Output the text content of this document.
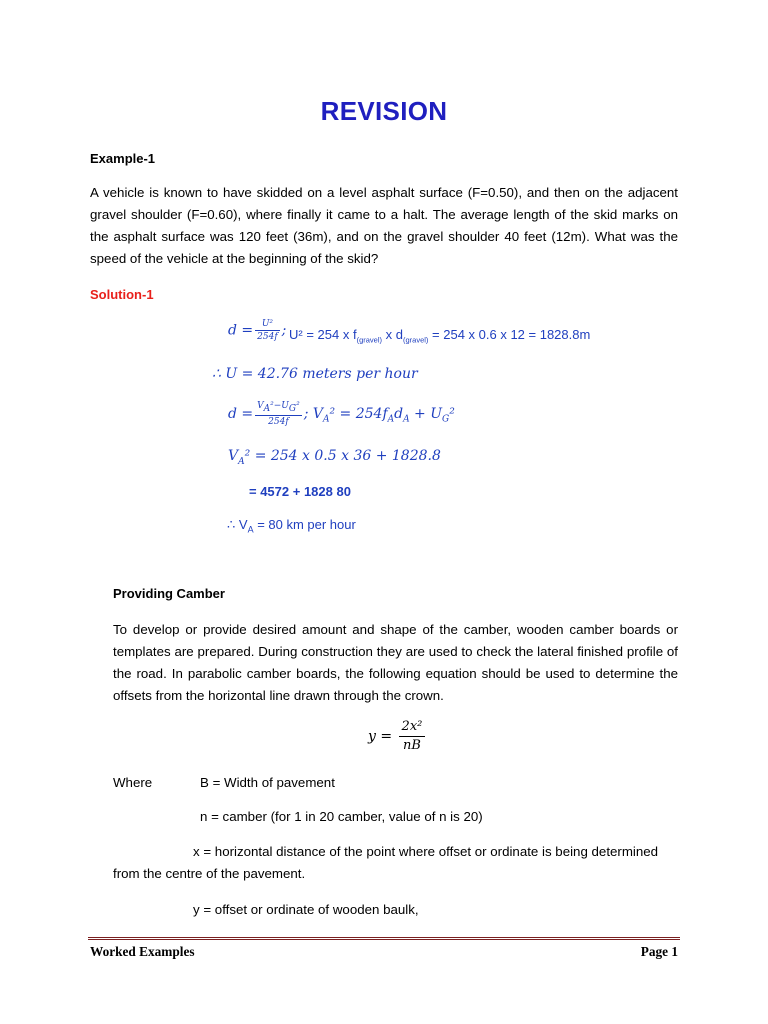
REVISION
Example-1
A vehicle is known to have skidded on a level asphalt surface (F=0.50), and then on the adjacent gravel shoulder (F=0.60), where finally it came to a halt. The average length of the skid marks on the asphalt surface was 120 feet (36m), and on the gravel shoulder 40 feet (12m). What was the speed of the vehicle at the beginning of the skid?
Solution-1
$d = \frac{\text{U²}}{254f}$ ; U² = 254 x $f_{(gravel)}$ x $d_{(gravel)} = 254$ x 0.6 x 12 = 1828.8m
∴ U = 42.76 meters per hour
$d = \frac{V_A^2-U_G^2}{254f}$ ; $V_A^2 = 254f_Ad_A + U_G^2$
$V_A^2 = 254$ x 0.5 x 36 + 1828.8
= 4572 + 1828 80
∴ $V_A = 80$ km per hour
Providing Camber
To develop or provide desired amount and shape of the camber, wooden camber boards or templates are prepared. During construction they are used to check the lateral finished profile of the road. In parabolic camber boards, the following equation should be used to determine the offsets from the horizontal line drawn through the crown.
$y = \frac{\text{2x²}}{nB}$
Where	B = Width of pavement
n = camber (for 1 in 20 camber, value of n is 20)
x = horizontal distance of the point where offset or ordinate is being determined from the centre of the pavement.
y = offset or ordinate of wooden baulk,
Worked Examples	Page 1
